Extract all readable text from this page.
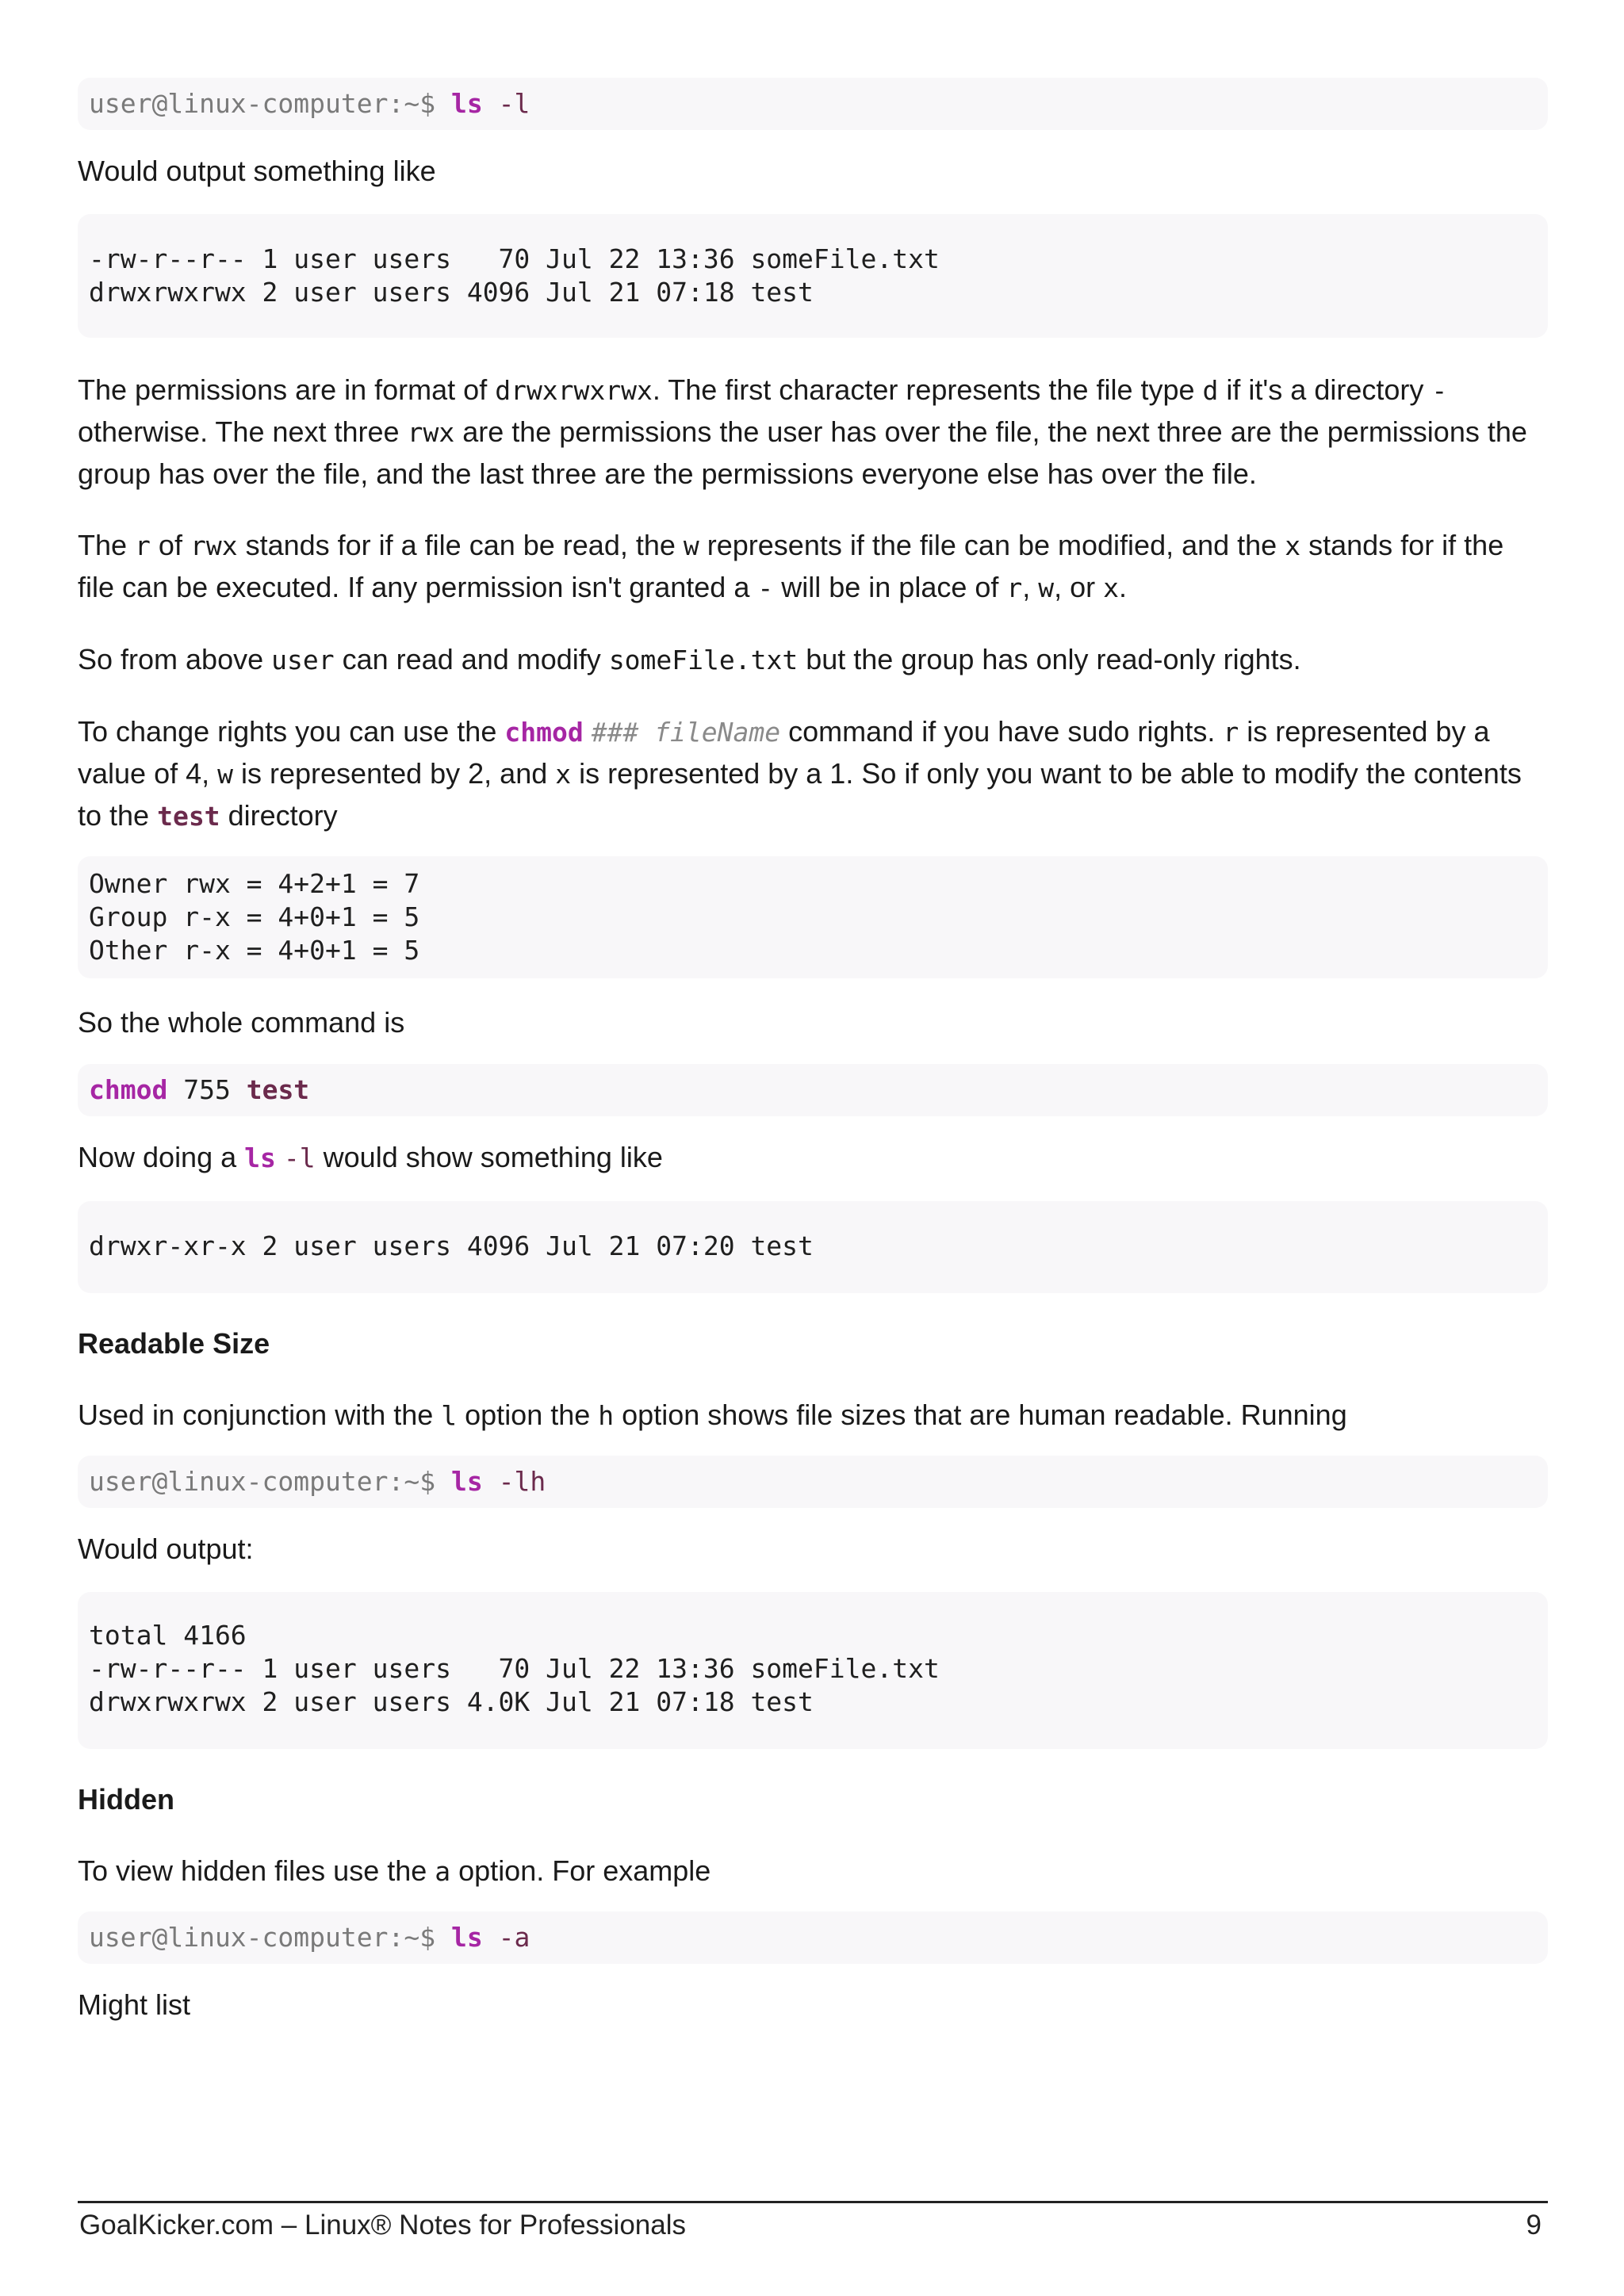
user@linux-computer:~$ ls -l

Would output something like

-rw-r--r-- 1 user users   70 Jul 22 13:36 someFile.txt
drwxrwxrwx 2 user users 4096 Jul 21 07:18 test

The permissions are in format of drwxrwxrwx. The first character represents the file type d if it's a directory - otherwise. The next three rwx are the permissions the user has over the file, the next three are the permissions the group has over the file, and the last three are the permissions everyone else has over the file.

The r of rwx stands for if a file can be read, the w represents if the file can be modified, and the x stands for if the file can be executed. If any permission isn't granted a - will be in place of r, w, or x.

So from above user can read and modify someFile.txt but the group has only read-only rights.

To change rights you can use the chmod ### fileName command if you have sudo rights. r is represented by a value of 4, w is represented by 2, and x is represented by a 1. So if only you want to be able to modify the contents to the test directory

Owner rwx = 4+2+1 = 7
Group r-x = 4+0+1 = 5
Other r-x = 4+0+1 = 5

So the whole command is

chmod 755 test

Now doing a ls -l would show something like

drwxr-xr-x 2 user users 4096 Jul 21 07:20 test
Readable Size

Used in conjunction with the l option the h option shows file sizes that are human readable. Running

user@linux-computer:~$ ls -lh

Would output:

total 4166
-rw-r--r-- 1 user users   70 Jul 22 13:36 someFile.txt
drwxrwxrwx 2 user users 4.0K Jul 21 07:18 test
Hidden

To view hidden files use the a option. For example

user@linux-computer:~$ ls -a

Might list

GoalKicker.com – Linux® Notes for Professionals	9
